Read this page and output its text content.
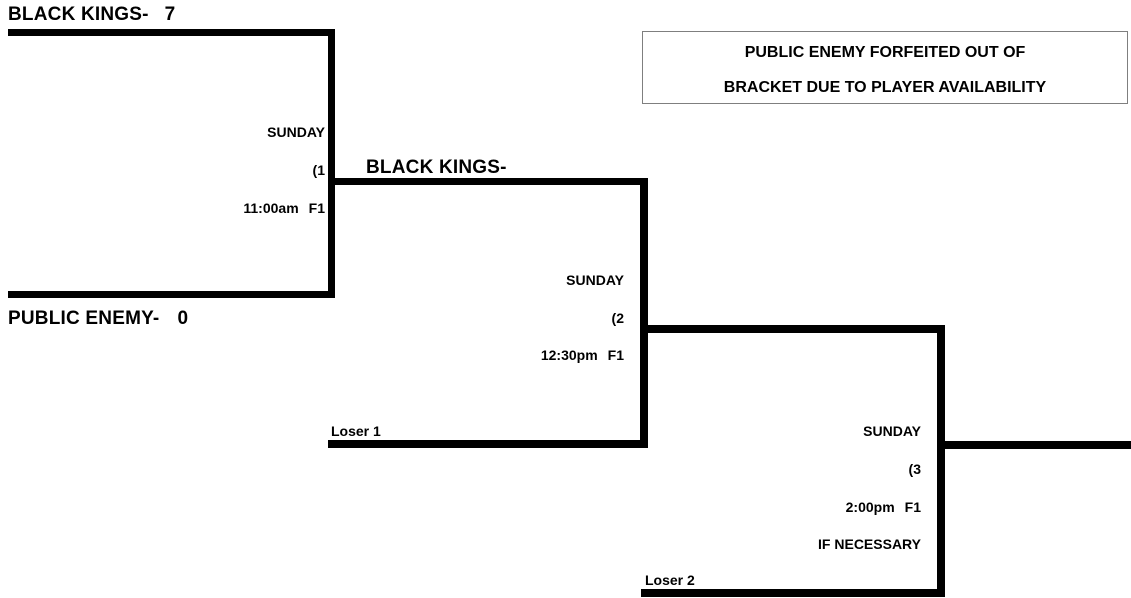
PUBLIC ENEMY FORFEITED OUT OF
BRACKET DUE TO PLAYER AVAILABILITY
BLACK KINGS- 7
PUBLIC ENEMY- 0
SUNDAY
(1
11:00am F1
BLACK KINGS-
Loser 1
SUNDAY
(2
12:30pm F1
Loser 2
SUNDAY
(3
2:00pm F1
IF NECESSARY
